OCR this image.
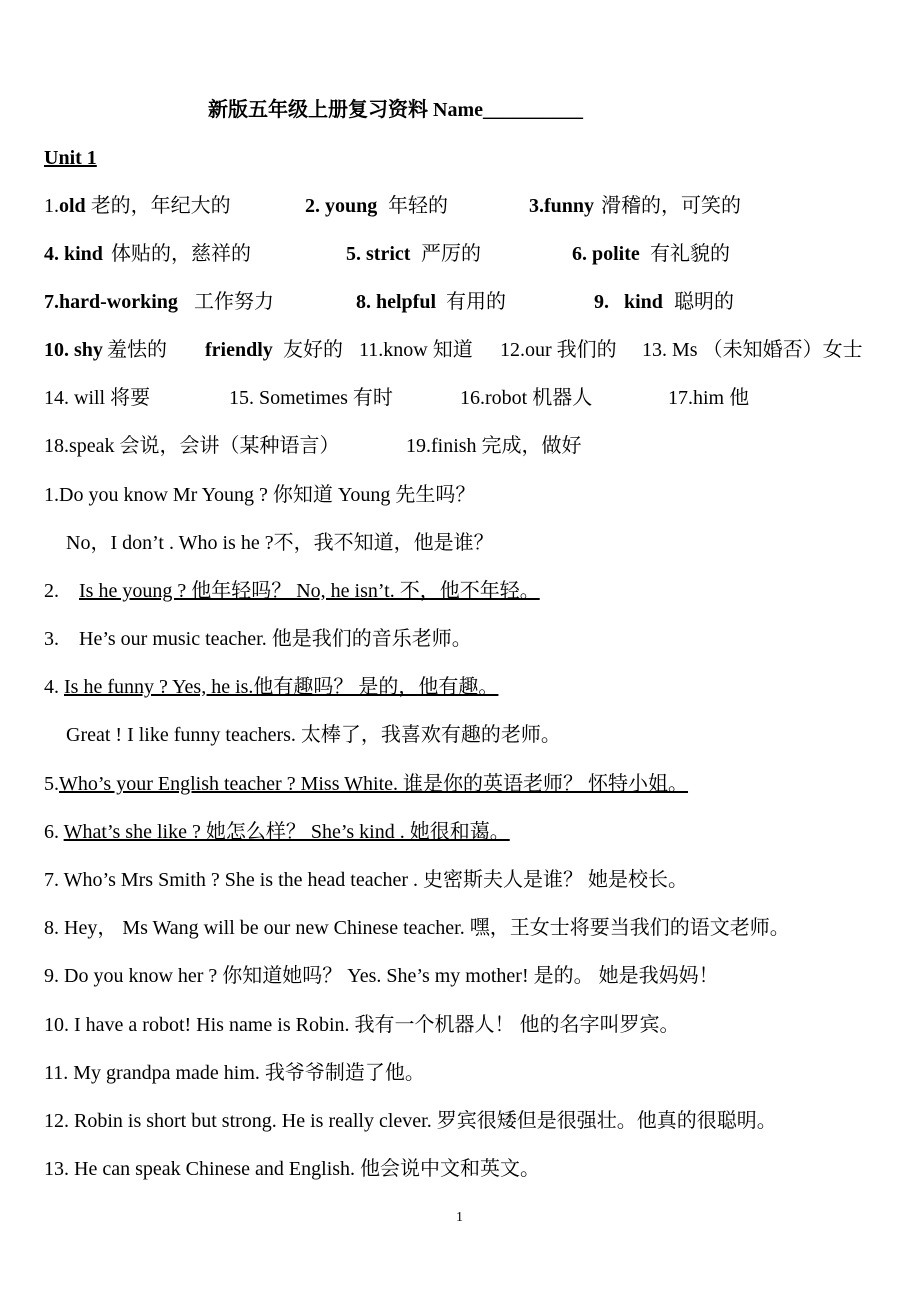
新版五年级上册复习资料 Name__________
Unit 1
1.old 老的，年纪大的	2. young 年轻的	3.funny 滑稽的，可笑的
4. kind 体贴的，慈祥的	5. strict 严厉的	6. polite 有礼貌的
7.hard-working 工作努力	8. helpful 有用的	9.   kind 聪明的
10. shy 羞怯的 friendly 友好的 11.know 知道 12.our 我们的 13. Ms （未知婚否）女士
14. will 将要	15. Sometimes 有时	16.robot 机器人	17.him 他
18.speak 会说，会讲（某种语言）	19.finish 完成，做好
1.Do you know Mr Young ? 你知道 Young 先生吗？
No，I don’t . Who is he ?不，我不知道，他是谁？
2. Is he young ? 他年轻吗？ No, he isn’t. 不，他不年轻。
3. He’s our music teacher. 他是我们的音乐老师。
4. Is he funny ? Yes, he is.他有趣吗？ 是的，他有趣。
Great ! I like funny teachers. 太棒了，我喜欢有趣的老师。
5.Who’s your English teacher ? Miss White. 谁是你的英语老师？ 怀特小姐。
6. What’s she like ? 她怎么样？ She’s kind . 她很和蔼。
7. Who’s Mrs Smith ? She is the head teacher . 史密斯夫人是谁？ 她是校长。
8. Hey， Ms Wang will be our new Chinese teacher. 嘿，王女士将要当我们的语文老师。
9. Do you know her ? 你知道她吗？ Yes. She’s my mother! 是的。 她是我妈妈！
10. I have a robot! His name is Robin. 我有一个机器人！ 他的名字叫罗宾。
11. My grandpa made him. 我爷爷制造了他。
12. Robin is short but strong. He is really clever. 罗宾很矮但是很强壮。他真的很聪明。
13. He can speak Chinese and English. 他会说中文和英文。
1
